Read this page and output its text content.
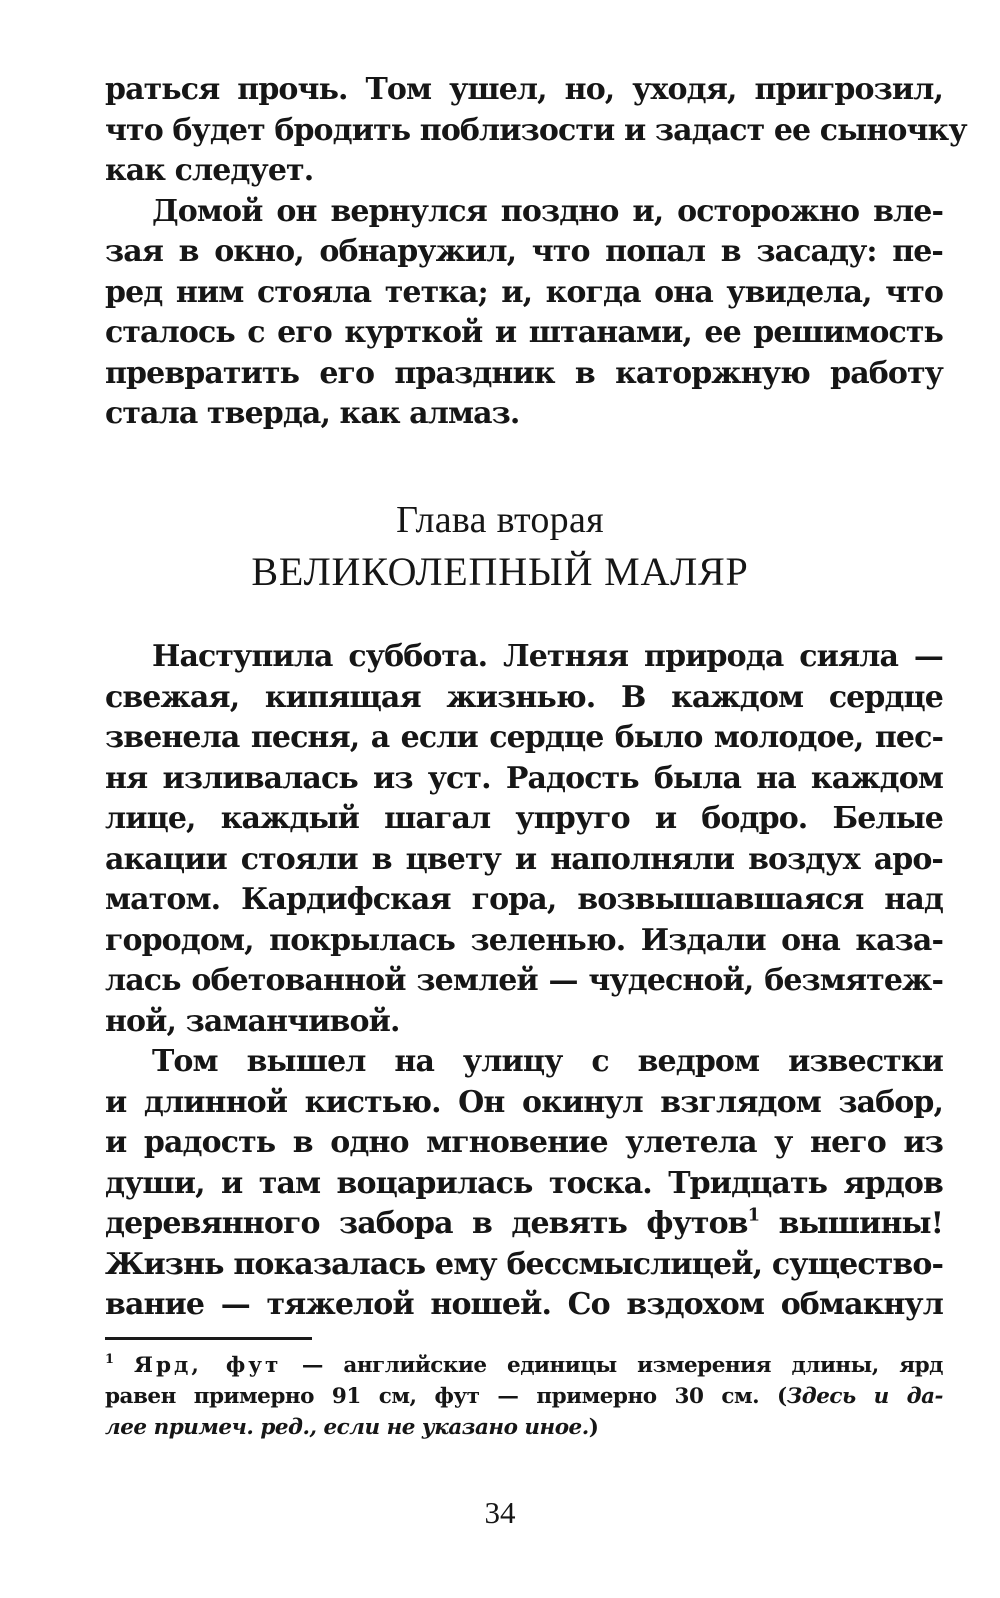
раться прочь. Том ушел, но, уходя, пригрозил,
что будет бродить поблизости и задаст ее сыночку
как следует.

Домой он вернулся поздно и, осторожно вле-
зая в окно, обнаружил, что попал в засаду: пе-
ред ним стояла тетка; и, когда она увидела, что
сталось с его курткой и штанами, ее решимость
превратить его праздник в каторжную работу
стала тверда, как алмаз.

Глава вторая
ВЕЛИКОЛЕПНЫЙ МАЛЯР

Наступила суббота. Летняя природа сияла —
свежая, кипящая жизнью. В каждом сердце
звенела песня, а если сердце было молодое, пес-
ня изливалась из уст. Радость была на каждом
лице, каждый шагал упруго и бодро. Белые
акации стояли в цвету и наполняли воздух аро-
матом. Кардифская гора, возвышавшаяся над
городом, покрылась зеленью. Издали она каза-
лась обетованной землей — чудесной, безмятеж-
ной, заманчивой.

Том вышел на улицу с ведром известки
и длинной кистью. Он окинул взглядом забор,
и радость в одно мгновение улетела у него из
души, и там воцарилась тоска. Тридцать ярдов
деревянного забора в девять футов$^1$ вышины!
Жизнь показалась ему бессмыслицей, существо-
вание — тяжелой ношей. Со вздохом обмакнул

$^1$ Ярд, фут — английские единицы измерения длины, ярд
равен примерно 91 см, фут — примерно 30 см. (Здесь и да-
лее примеч. ред., если не указано иное.)
34
